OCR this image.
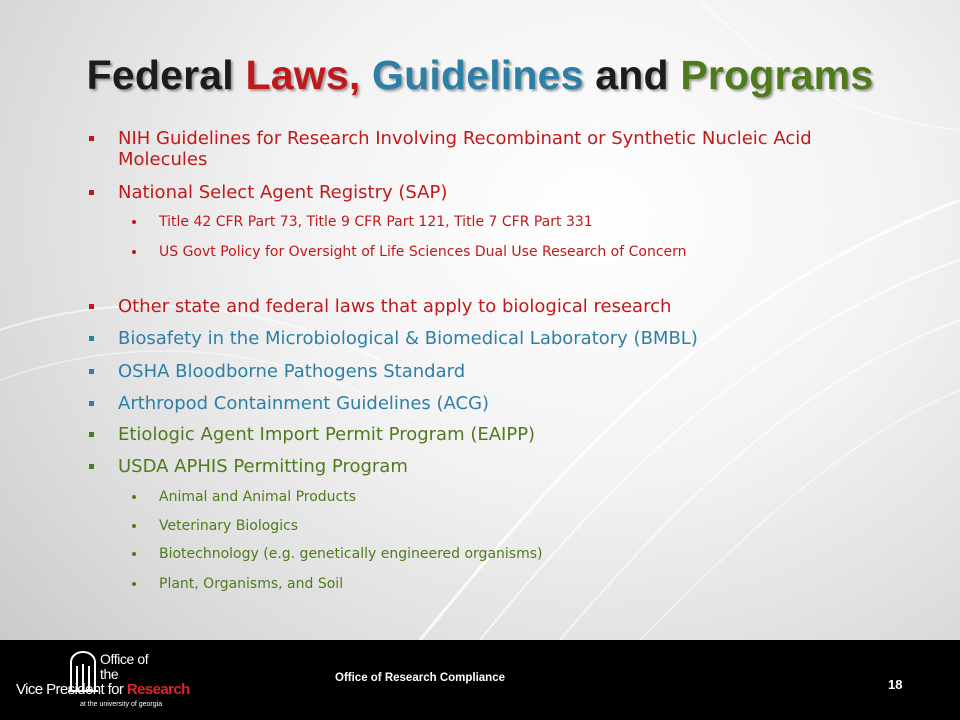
Federal Laws, Guidelines and Programs
NIH Guidelines for Research Involving Recombinant or Synthetic Nucleic Acid Molecules
National Select Agent Registry (SAP)
Title 42 CFR Part 73, Title 9 CFR Part 121, Title 7 CFR Part 331
US Govt Policy for Oversight of Life Sciences Dual Use Research of Concern
Other state and federal laws that apply to biological research
Biosafety in the Microbiological & Biomedical Laboratory (BMBL)
OSHA Bloodborne Pathogens Standard
Arthropod Containment Guidelines (ACG)
Etiologic Agent Import Permit Program (EAIPP)
USDA APHIS Permitting Program
Animal and Animal Products
Veterinary Biologics
Biotechnology (e.g. genetically engineered organisms)
Plant, Organisms, and Soil
Office of the
Vice President for Research
at the university of georgia
Office of Research Compliance	18
